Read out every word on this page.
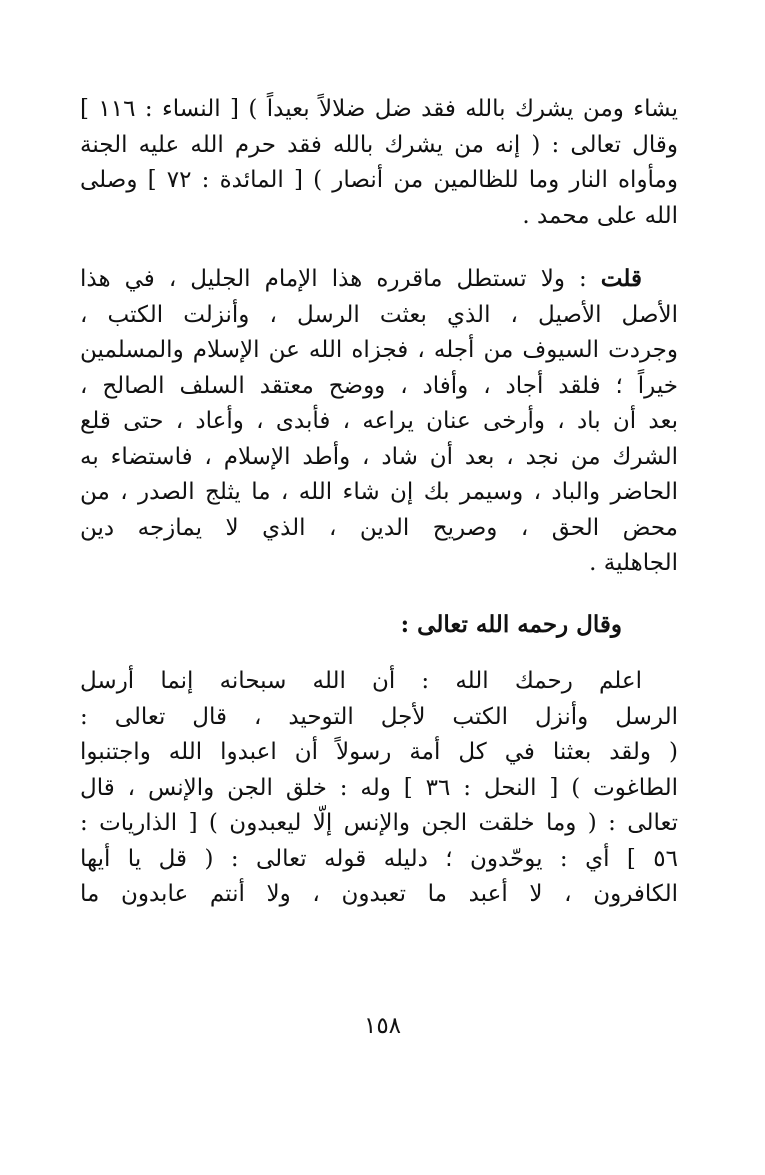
يشاء ومن يشرك بالله فقد ضل ضلالاً بعيداً ) [ النساء : ١١٦ ]
وقال تعالى : ( إنه من يشرك بالله فقد حرم الله عليه الجنة
ومأواه النار وما للظالمين من أنصار ) [ المائدة : ٧٢ ] وصلى
الله على محمد .

قلت : ولا تستطل ماقرره هذا الإمام الجليل ، في هذا
الأصل الأصيل ، الذي بعثت الرسل ، وأنزلت الكتب ،
وجردت السيوف من أجله ، فجزاه الله عن الإسلام والمسلمين
خيراً ؛ فلقد أجاد ، وأفاد ، ووضح معتقد السلف الصالح ،
بعد أن باد ، وأرخى عنان يراعه ، فأبدى ، وأعاد ، حتى قلع
الشرك من نجد ، بعد أن شاد ، وأطد الإسلام ، فاستضاء به
الحاضر والباد ، وسيمر بك إن شاء الله ، ما يثلج الصدر ، من
محض الحق ، وصريح الدين ، الذي لا يمازجه دين
الجاهلية .

وقال رحمه الله تعالى :

اعلم رحمك الله : أن الله سبحانه إنما أرسل
الرسل وأنزل الكتب لأجل التوحيد ، قال تعالى :
( ولقد بعثنا في كل أمة رسولاً أن اعبدوا الله واجتنبوا
الطاغوت ) [ النحل : ٣٦ ] وله : خلق الجن والإنس ، قال
تعالى : ( وما خلقت الجن والإنس إلّا ليعبدون ) [ الذاريات :
٥٦ ] أي : يوحّدون ؛ دليله قوله تعالى : ( قل يا أيها
الكافرون ، لا أعبد ما تعبدون ، ولا أنتم عابدون ما

١٥٨
